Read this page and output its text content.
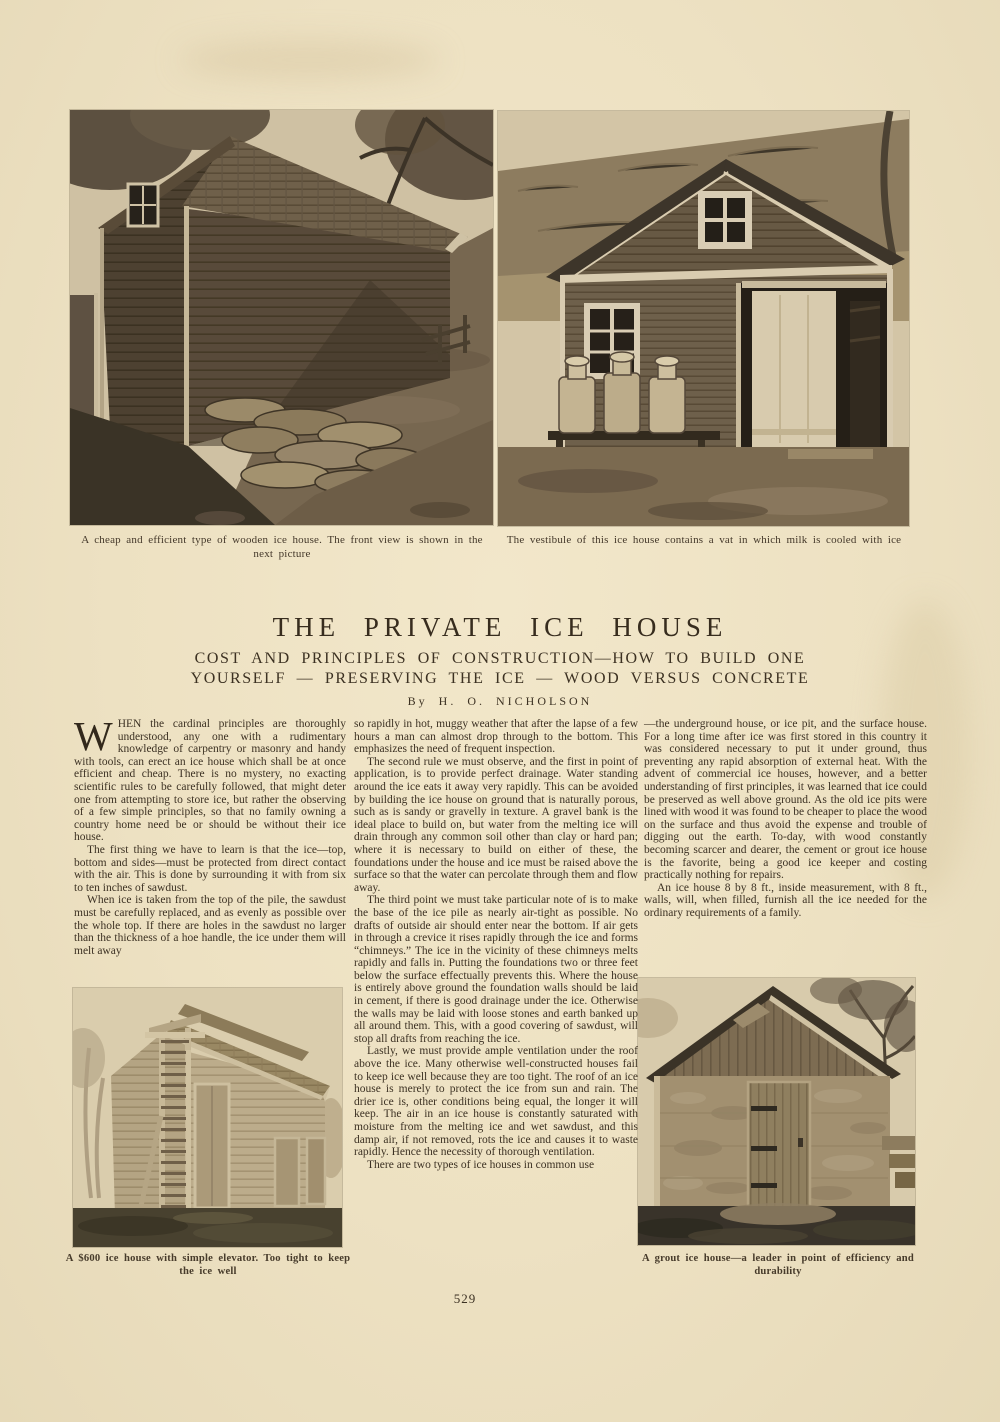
A cheap and efficient type of wooden ice house. The front view is shown in the next picture
The vestibule of this ice house contains a vat in which milk is cooled with ice
THE PRIVATE ICE HOUSE

COST AND PRINCIPLES OF CONSTRUCTION—HOW TO BUILD ONE

YOURSELF — PRESERVING THE ICE — WOOD VERSUS CONCRETE

By H. O. NICHOLSON

WHEN the cardinal principles are thoroughly understood, any one with a rudimentary knowledge of carpentry or masonry and handy with tools, can erect an ice house which shall be at once efficient and cheap. There is no mystery, no exacting scientific rules to be carefully followed, that might deter one from attempting to store ice, but rather the observing of a few simple principles, so that no family owning a country home need be or should be without their ice house.

The first thing we have to learn is that the ice—top, bottom and sides—must be protected from direct contact with the air. This is done by surrounding it with from six to ten inches of sawdust.

When ice is taken from the top of the pile, the sawdust must be carefully replaced, and as evenly as possible over the whole top. If there are holes in the sawdust no larger than the thickness of a hoe handle, the ice under them will melt away

so rapidly in hot, muggy weather that after the lapse of a few hours a man can almost drop through to the bottom. This emphasizes the need of frequent inspection.

The second rule we must observe, and the first in point of application, is to provide perfect drainage. Water standing around the ice eats it away very rapidly. This can be avoided by building the ice house on ground that is naturally porous, such as is sandy or gravelly in texture. A gravel bank is the ideal place to build on, but water from the melting ice will drain through any common soil other than clay or hard pan; where it is necessary to build on either of these, the foundations under the house and ice must be raised above the surface so that the water can percolate through them and flow away.

The third point we must take particular note of is to make the base of the ice pile as nearly air-tight as possible. No drafts of outside air should enter near the bottom. If air gets in through a crevice it rises rapidly through the ice and forms “chimneys.” The ice in the vicinity of these chimneys melts rapidly and falls in. Putting the foundations two or three feet below the surface effectually prevents this. Where the house is entirely above ground the foundation walls should be laid in cement, if there is good drainage under the ice. Otherwise the walls may be laid with loose stones and earth banked up all around them. This, with a good covering of sawdust, will stop all drafts from reaching the ice.

Lastly, we must provide ample ventilation under the roof above the ice. Many otherwise well-constructed houses fail to keep ice well because they are too tight. The roof of an ice house is merely to protect the ice from sun and rain. The drier ice is, other conditions being equal, the longer it will keep. The air in an ice house is constantly saturated with moisture from the melting ice and wet sawdust, and this damp air, if not removed, rots the ice and causes it to waste rapidly. Hence the necessity of thorough ventilation.

There are two types of ice houses in common use

—the underground house, or ice pit, and the surface house. For a long time after ice was first stored in this country it was considered necessary to put it under ground, thus preventing any rapid absorption of external heat. With the advent of commercial ice houses, however, and a better understanding of first principles, it was learned that ice could be preserved as well above ground. As the old ice pits were lined with wood it was found to be cheaper to place the wood on the surface and thus avoid the expense and trouble of digging out the earth. To-day, with wood constantly becoming scarcer and dearer, the cement or grout ice house is the favorite, being a good ice keeper and costing practically nothing for repairs.

An ice house 8 by 8 ft., inside measurement, with 8 ft., walls, will, when filled, furnish all the ice needed for the ordinary requirements of a family.

A $600 ice house with simple elevator. Too tight to keep the ice well
A grout ice house—a leader in point of efficiency and durability
529
